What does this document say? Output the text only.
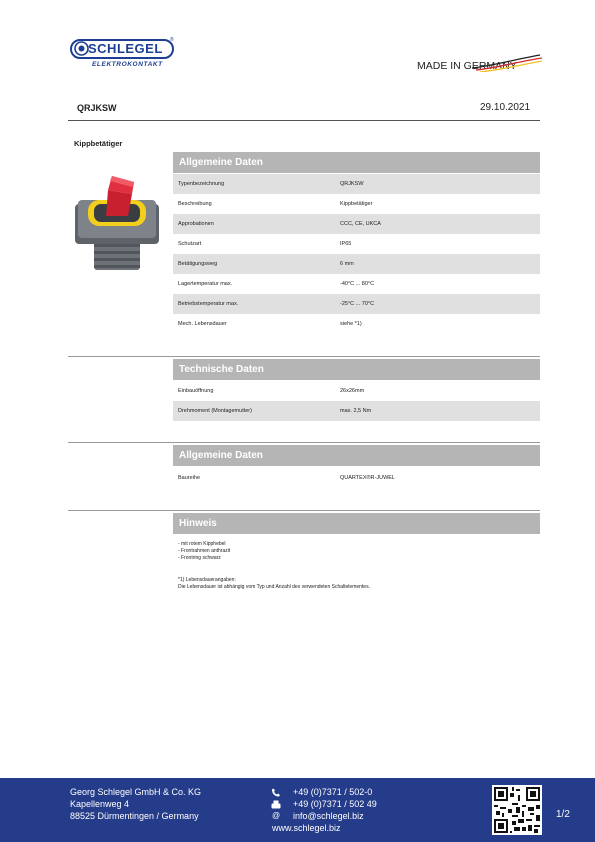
SCHLEGEL
®
ELEKTROKONTAKT	MADE IN GERMANY
QRJKSW	29.10.2021
Kippbetätiger
Allgemeine Daten
Typenbezeichnung	QRJKSW
Beschreibung	Kippbetätiger
Approbationen	CCC, CE, UKCA
Schutzart	IP65
Betätigungsweg	6 mm
Lagertemperatur max.	-40°C ... 80°C
Betriebstemperatur max.	-25°C ... 70°C
Mech. Lebensdauer	siehe *1)
Technische Daten
Einbauöffnung	26x26mm
Drehmoment (Montagemutter)	max. 2,5 Nm
Allgemeine Daten
Baureihe	QUARTEX®R-JUWEL
Hinweis
- mit rotem Kipphebel
- Frontrahmen anthrazit
- Frontring schwarz
*1) Lebensdauerangaben:
Die Lebensdauer ist abhängig vom Typ und Anzahl des verwendeten Schaltelementes.
Georg Schlegel GmbH & Co. KG
Kapellenweg 4
88525 Dürmentingen / Germany
+49 (0)7371 / 502-0
+49 (0)7371 / 502 49
@ info@schlegel.biz
www.schlegel.biz
1/2
